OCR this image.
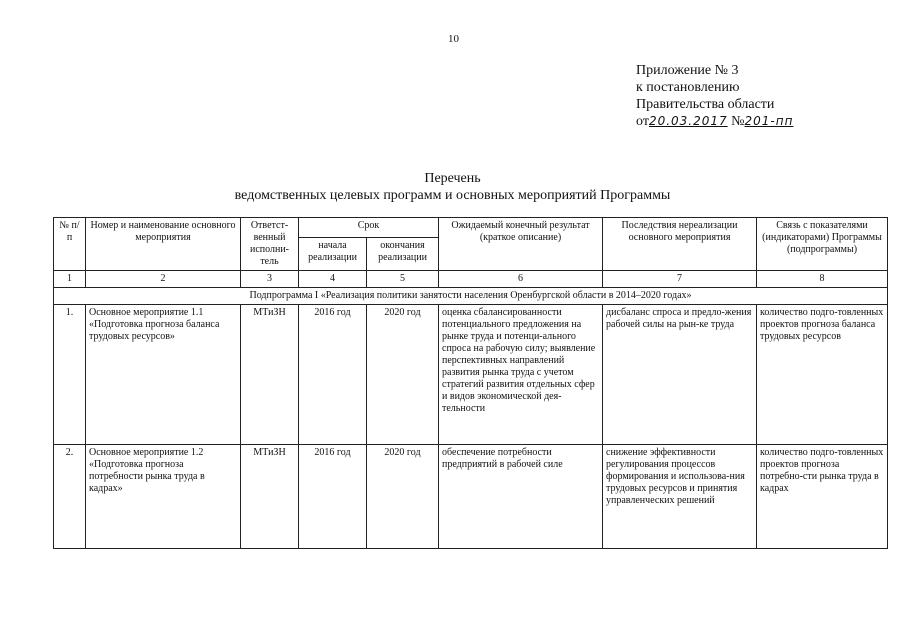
10
Приложение № 3
к постановлению
Правительства области
от20.03.2017 №201-пп
Перечень
ведомственных целевых программ и основных мероприятий Программы
№ п/п	Номер и наименование основного мероприятия	Ответст-венный исполни-тель	Срок		Ожидаемый конечный результат (краткое описание)	Последствия нереализации основного мероприятия	Связь с показателями (индикаторами) Программы (подпрограммы)
			начала реализации	окончания реализации			
1	2	3	4	5	6	7	8
Подпрограмма I «Реализация политики занятости населения Оренбургской области в 2014–2020 годах»							
1.	Основное мероприятие 1.1 «Подготовка прогноза баланса трудовых ресурсов»	МТиЗН	2016 год	2020 год	оценка сбалансированности потенциального предложения на рынке труда и потенци-ального спроса на рабочую силу; выявление перспективных направлений развития рынка труда с учетом стратегий развития отдельных сфер и видов экономической дея-тельности	дисбаланс спроса и предло-жения рабочей силы на рын-ке труда	количество подго-товленных проектов прогноза баланса трудовых ресурсов
2.	Основное мероприятие 1.2 «Подготовка прогноза потребности рынка труда в кадрах»	МТиЗН	2016 год	2020 год	обеспечение потребности предприятий в рабочей силе	снижение эффективности регулирования процессов формирования и использова-ния трудовых ресурсов и принятия управленческих решений	количество подго-товленных проектов прогноза потребно-сти рынка труда в кадрах
